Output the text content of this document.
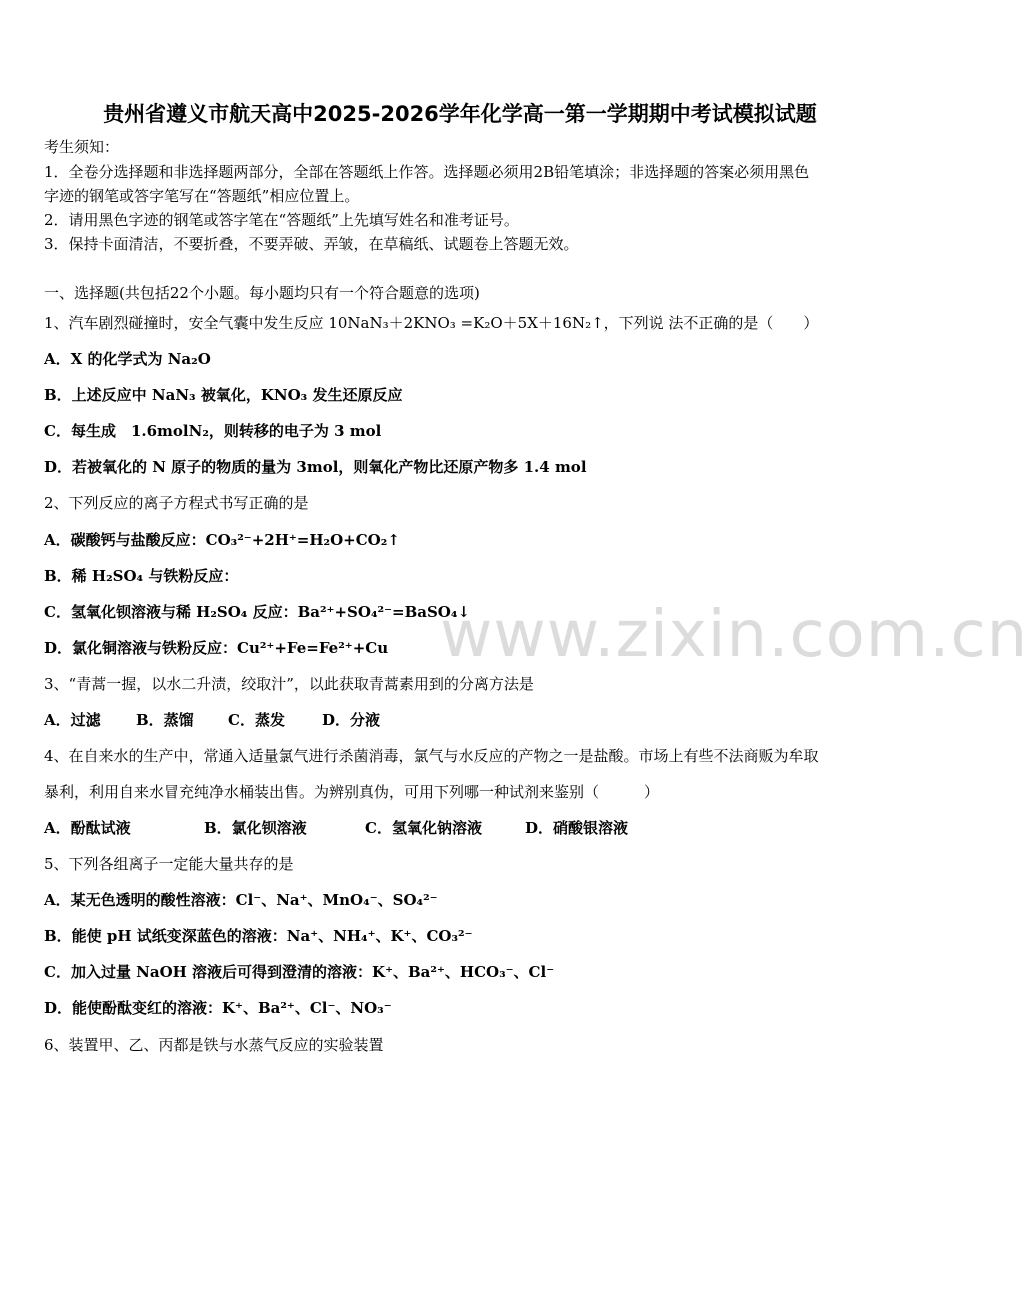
贵州省遵义市航天高中2025-2026学年化学高一第一学期期中考试模拟试题
考生须知：
1．全卷分选择题和非选择题两部分，全部在答题纸上作答。选择题必须用2B铅笔填涂；非选择题的答案必须用黑色
字迹的钢笔或答字笔写在“答题纸”相应位置上。
2．请用黑色字迹的钢笔或答字笔在“答题纸”上先填写姓名和准考证号。
3．保持卡面清洁，不要折叠，不要弄破、弄皱，在草稿纸、试题卷上答题无效。
一、选择题(共包括22个小题。每小题均只有一个符合题意的选项)
1、汽车剧烈碰撞时，安全气囊中发生反应 10NaN₃＋2KNO₃ =K₂O＋5X＋16N₂↑，下列说 法不正确的是（　　）
A．X 的化学式为 Na₂O
B．上述反应中 NaN₃ 被氧化，KNO₃ 发生还原反应
C．每生成　1.6molN₂，则转移的电子为 3 mol
D．若被氧化的 N 原子的物质的量为 3mol，则氧化产物比还原产物多 1.4 mol
2、下列反应的离子方程式书写正确的是
A．碳酸钙与盐酸反应：CO₃²⁻+2H⁺=H₂O+CO₂↑
B．稀 H₂SO₄ 与铁粉反应：
C．氢氧化钡溶液与稀 H₂SO₄ 反应：Ba²⁺+SO₄²⁻=BaSO₄↓
D．氯化铜溶液与铁粉反应：Cu²⁺+Fe=Fe²⁺+Cu
3、“青蒿一握，以水二升渍，绞取汁”，以此获取青蒿素用到的分离方法是
A．过滤 B．蒸馏 C．蒸发 D．分液
4、在自来水的生产中，常通入适量氯气进行杀菌消毒，氯气与水反应的产物之一是盐酸。市场上有些不法商贩为牟取
暴利，利用自来水冒充纯净水桶装出售。为辨别真伪，可用下列哪一种试剂来鉴别（　　　）
A．酚酞试液	B．氯化钡溶液	C．氢氧化钠溶液	D．硝酸银溶液
5、下列各组离子一定能大量共存的是
A．某无色透明的酸性溶液：Cl⁻、Na⁺、MnO₄⁻、SO₄²⁻
B．能使 pH 试纸变深蓝色的溶液：Na⁺、NH₄⁺、K⁺、CO₃²⁻
C．加入过量 NaOH 溶液后可得到澄清的溶液：K⁺、Ba²⁺、HCO₃⁻、Cl⁻
D．能使酚酞变红的溶液：K⁺、Ba²⁺、Cl⁻、NO₃⁻
6、装置甲、乙、丙都是铁与水蒸气反应的实验装置
www.zixin.com.cn
